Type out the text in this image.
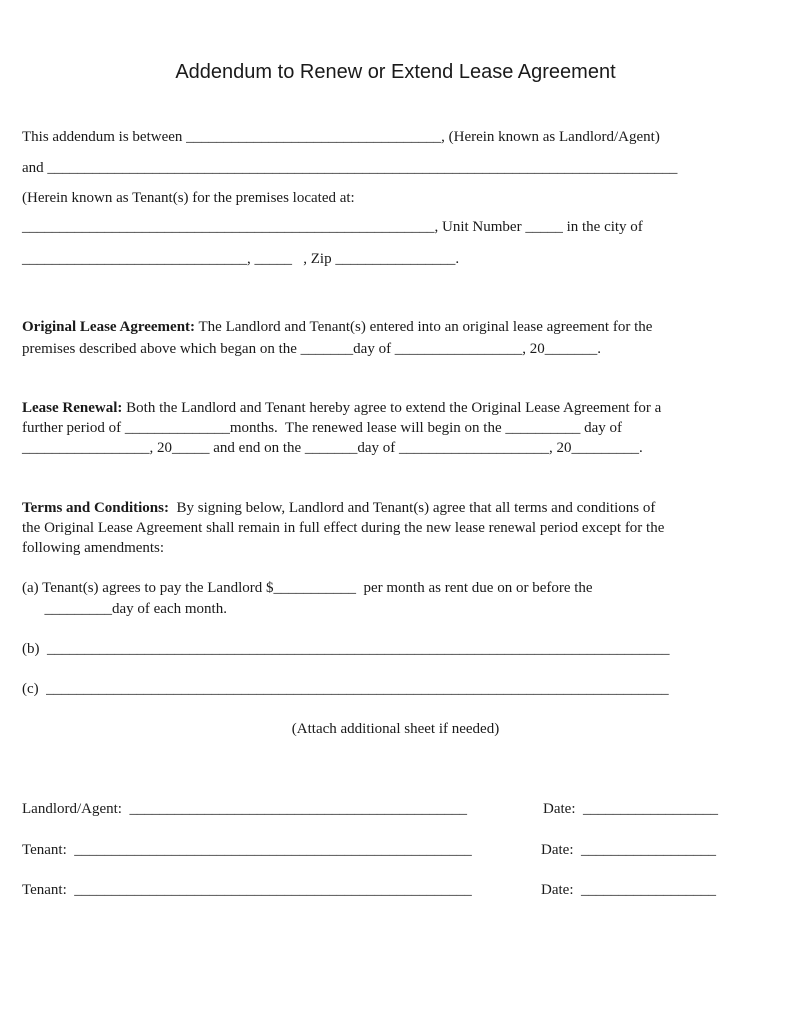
Addendum to Renew or Extend Lease Agreement
This addendum is between __________________________________, (Herein known as Landlord/Agent)
and ____________________________________________________________________________________
(Herein known as Tenant(s) for the premises located at:
_______________________________________________________, Unit Number _____ in the city of
______________________________, _____   , Zip ________________.
Original Lease Agreement: The Landlord and Tenant(s) entered into an original lease agreement for the
premises described above which began on the _______day of _________________, 20_______.
Lease Renewal: Both the Landlord and Tenant hereby agree to extend the Original Lease Agreement for a
further period of ______________months.  The renewed lease will begin on the __________ day of
_________________, 20_____ and end on the _______day of ____________________, 20_________.
Terms and Conditions:  By signing below, Landlord and Tenant(s) agree that all terms and conditions of
the Original Lease Agreement shall remain in full effect during the new lease renewal period except for the
following amendments:
(a) Tenant(s) agrees to pay the Landlord $___________  per month as rent due on or before the
_________day of each month.
(b)  ___________________________________________________________________________________
(c)  ___________________________________________________________________________________
(Attach additional sheet if needed)
Landlord/Agent:  _____________________________________________	Date:  __________________
Tenant:  _____________________________________________________	Date:  __________________
Tenant:  _____________________________________________________	Date:  __________________
